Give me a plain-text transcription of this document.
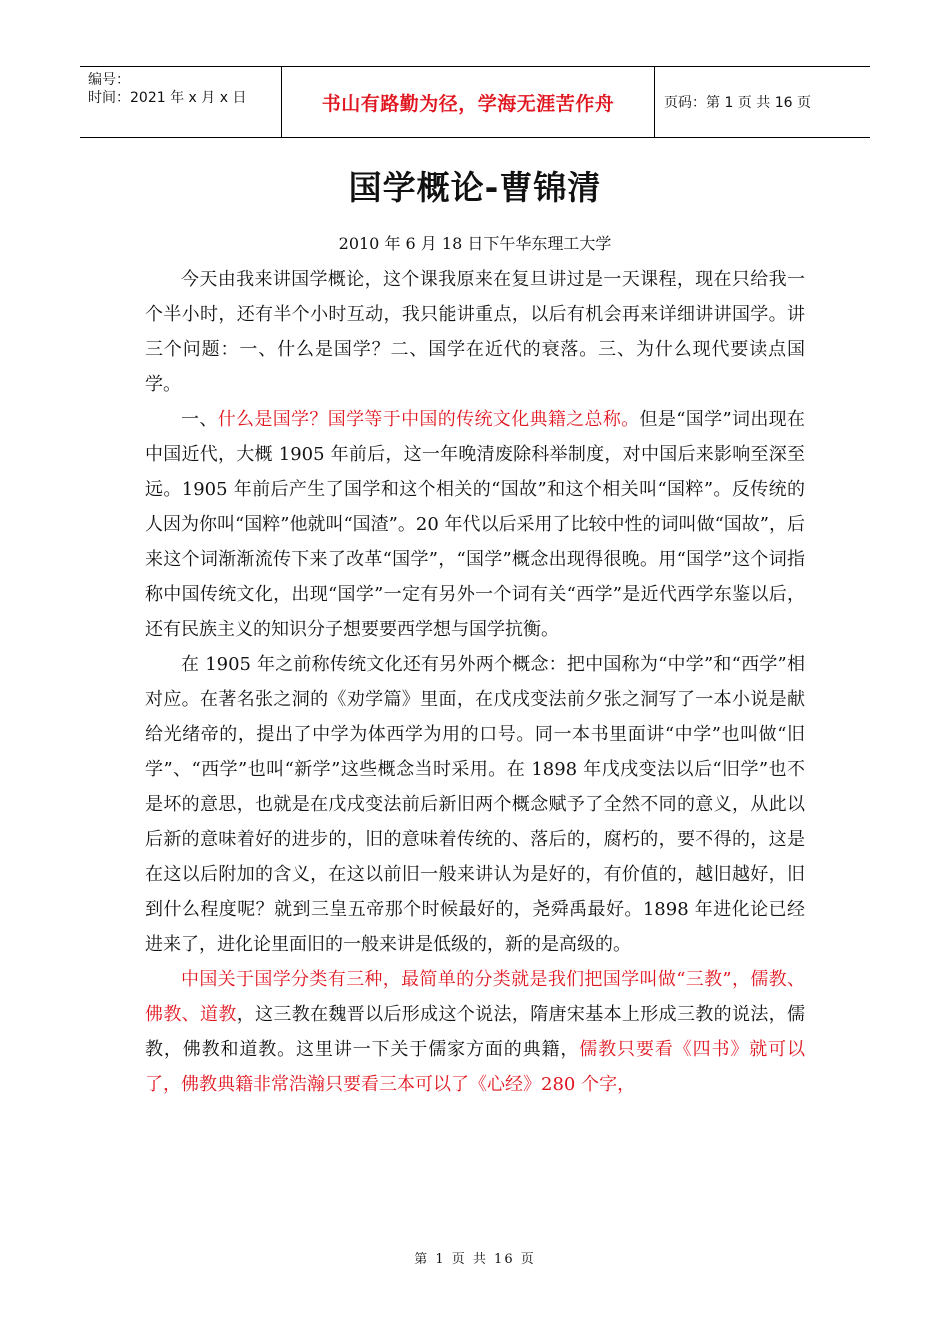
编号：
时间：2021 年 x 月 x 日	书山有路勤为径，学海无涯苦作舟	页码：第 1 页 共 16 页
国学概论-曹锦清
2010 年 6 月 18 日下午华东理工大学

今天由我来讲国学概论，这个课我原来在复旦讲过是一天课程，现在只给我一个半小时，还有半个小时互动，我只能讲重点，以后有机会再来详细讲讲国学。讲三个问题：一、什么是国学？二、国学在近代的衰落。三、为什么现代要读点国学。

一、什么是国学？国学等于中国的传统文化典籍之总称。但是“国学”词出现在中国近代，大概 1905 年前后，这一年晚清废除科举制度，对中国后来影响至深至远。1905 年前后产生了国学和这个相关的“国故”和这个相关叫“国粹”。反传统的人因为你叫“国粹”他就叫“国渣”。20 年代以后采用了比较中性的词叫做“国故”，后来这个词渐渐流传下来了改革“国学”，“国学”概念出现得很晚。用“国学”这个词指称中国传统文化，出现“国学”一定有另外一个词有关“西学”是近代西学东鉴以后，还有民族主义的知识分子想要要西学想与国学抗衡。

在 1905 年之前称传统文化还有另外两个概念：把中国称为“中学”和“西学”相对应。在著名张之洞的《劝学篇》里面，在戊戌变法前夕张之洞写了一本小说是献给光绪帝的，提出了中学为体西学为用的口号。同一本书里面讲“中学”也叫做“旧学”、“西学”也叫“新学”这些概念当时采用。在 1898 年戊戌变法以后“旧学”也不是坏的意思，也就是在戊戌变法前后新旧两个概念赋予了全然不同的意义，从此以后新的意味着好的进步的，旧的意味着传统的、落后的，腐朽的，要不得的，这是在这以后附加的含义，在这以前旧一般来讲认为是好的，有价值的，越旧越好，旧到什么程度呢？就到三皇五帝那个时候最好的，尧舜禹最好。1898 年进化论已经进来了，进化论里面旧的一般来讲是低级的，新的是高级的。

中国关于国学分类有三种，最简单的分类就是我们把国学叫做“三教”，儒教、佛教、道教，这三教在魏晋以后形成这个说法，隋唐宋基本上形成三教的说法，儒教，佛教和道教。这里讲一下关于儒家方面的典籍，儒教只要看《四书》就可以了，佛教典籍非常浩瀚只要看三本可以了《心经》280 个字，

第 1 页 共 16 页
